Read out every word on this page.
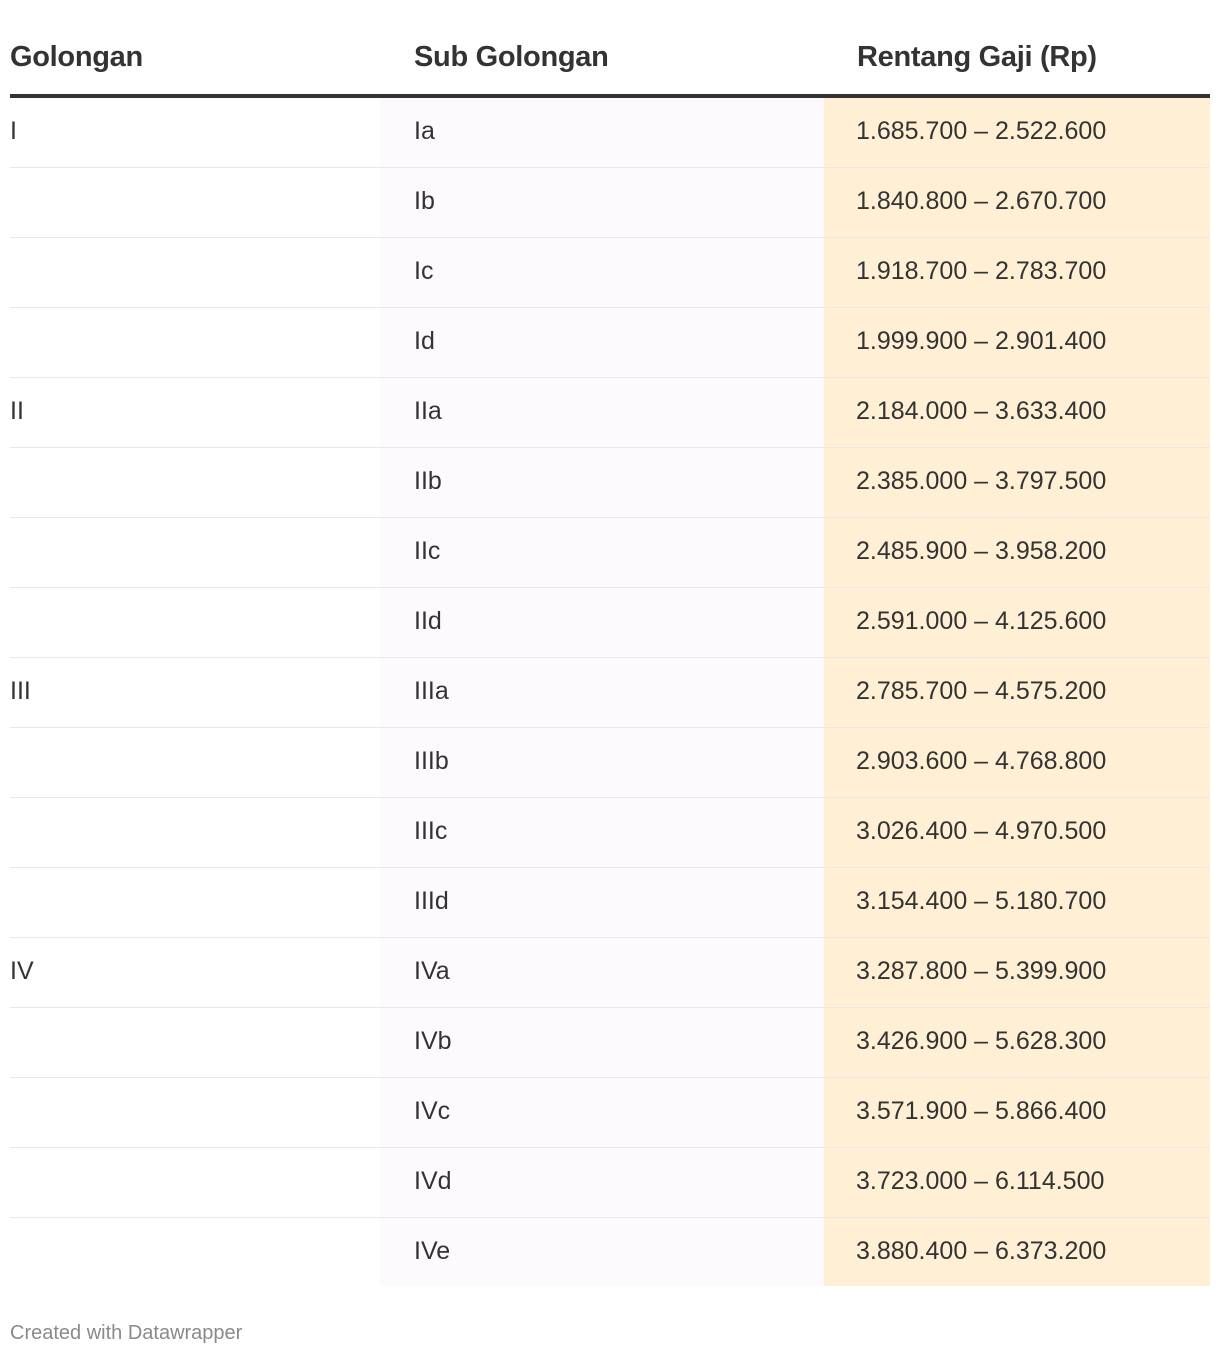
Golongan	Sub Golongan	Rentang Gaji (Rp)

I	Ia	1.685.700 – 2.522.600

	Ib	1.840.800 – 2.670.700

	Ic	1.918.700 – 2.783.700

	Id	1.999.900 – 2.901.400

II	IIa	2.184.000 – 3.633.400

	IIb	2.385.000 – 3.797.500

	IIc	2.485.900 – 3.958.200

	IId	2.591.000 – 4.125.600

III	IIIa	2.785.700 – 4.575.200

	IIIb	2.903.600 – 4.768.800

	IIIc	3.026.400 – 4.970.500

	IIId	3.154.400 – 5.180.700

IV	IVa	3.287.800 – 5.399.900

	IVb	3.426.900 – 5.628.300

	IVc	3.571.900 – 5.866.400

	IVd	3.723.000 – 6.114.500

	IVe	3.880.400 – 6.373.200
Created with Datawrapper
